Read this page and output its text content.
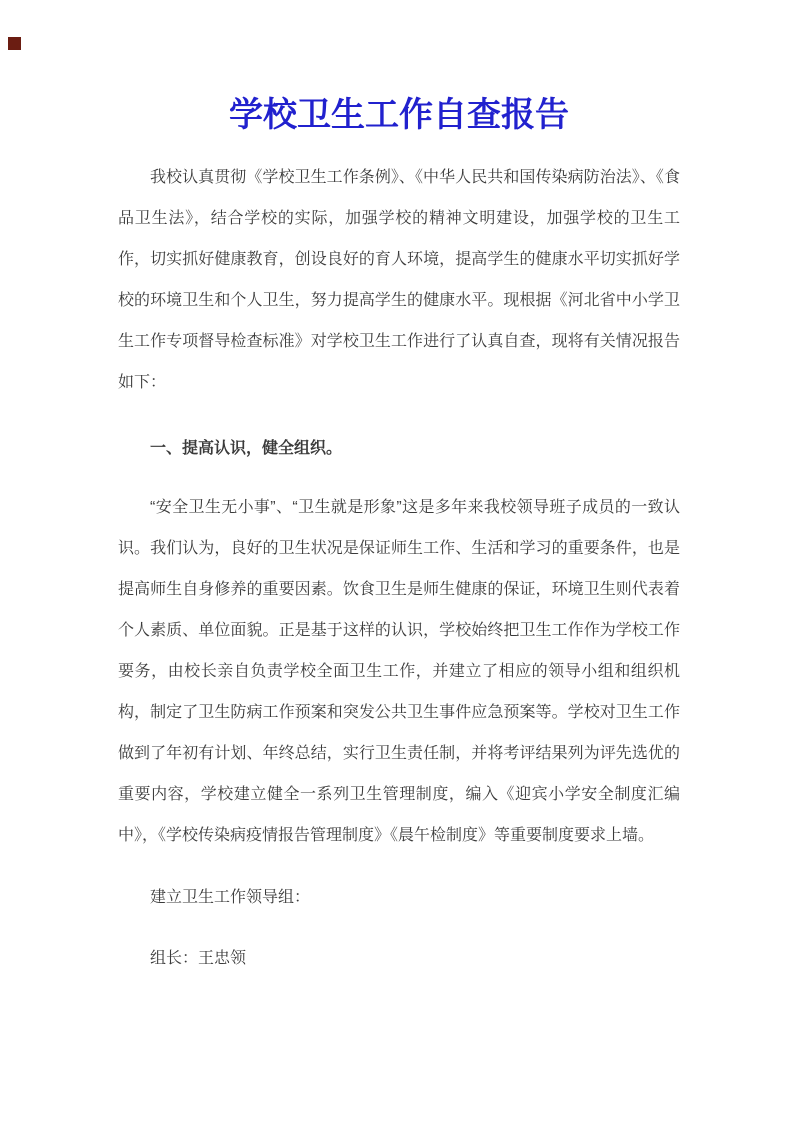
学校卫生工作自查报告

我校认真贯彻《学校卫生工作条例》、《中华人民共和国传染病防治法》、《食品卫生法》，结合学校的实际，加强学校的精神文明建设，加强学校的卫生工作，切实抓好健康教育，创设良好的育人环境，提高学生的健康水平切实抓好学校的环境卫生和个人卫生，努力提高学生的健康水平。现根据《河北省中小学卫生工作专项督导检查标准》对学校卫生工作进行了认真自查，现将有关情况报告如下：

一、提高认识，健全组织。

“安全卫生无小事”、“卫生就是形象”这是多年来我校领导班子成员的一致认识。我们认为，良好的卫生状况是保证师生工作、生活和学习的重要条件，也是提高师生自身修养的重要因素。饮食卫生是师生健康的保证，环境卫生则代表着个人素质、单位面貌。正是基于这样的认识，学校始终把卫生工作作为学校工作要务，由校长亲自负责学校全面卫生工作，并建立了相应的领导小组和组织机构，制定了卫生防病工作预案和突发公共卫生事件应急预案等。学校对卫生工作做到了年初有计划、年终总结，实行卫生责任制，并将考评结果列为评先选优的重要内容，学校建立健全一系列卫生管理制度，编入《迎宾小学安全制度汇编中》，《学校传染病疫情报告管理制度》《晨午检制度》等重要制度要求上墙。

建立卫生工作领导组：

组长：王忠领
